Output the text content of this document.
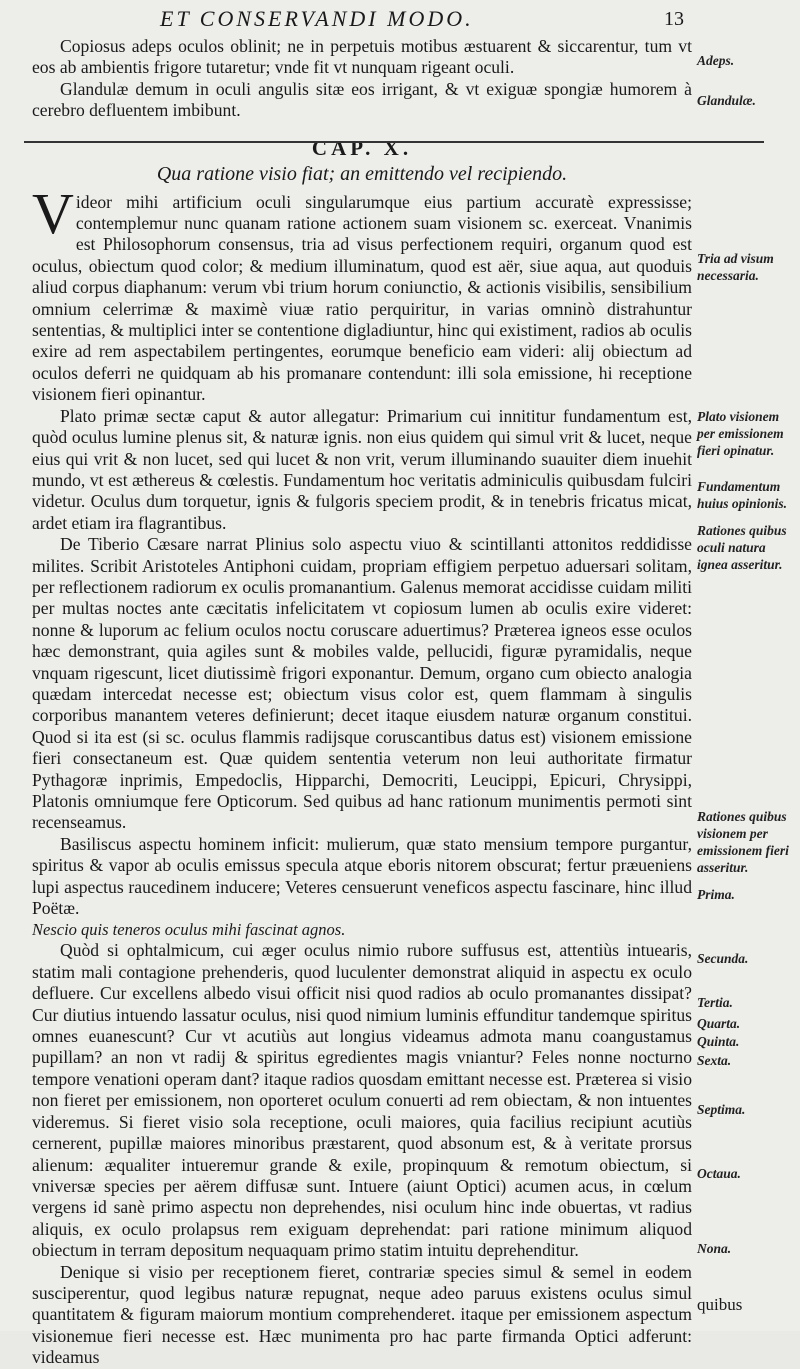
ET CONSERVANDI MODO.	13

Copiosus adeps oculos oblinit; ne in perpetuis motibus æstuarent & siccarentur, tum vt eos ab ambientis frigore tutaretur; vnde fit vt nunquam rigeant oculi.

Glandulæ demum in oculi angulis sitæ eos irrigant, & vt exiguæ spongiæ humorem à cerebro defluentem imbibunt.

CAP. X.

Qua ratione visio fiat; an emittendo vel recipiendo.

Videor mihi artificium oculi singularumque eius partium accuratè expressisse; contemplemur nunc quanam ratione actionem suam visionem sc. exerceat. Vnanimis est Philosophorum consensus, tria ad visus perfectionem requiri, organum quod est oculus, obiectum quod color; & medium illuminatum, quod est aër, siue aqua, aut quoduis aliud corpus diaphanum: verum vbi trium horum coniunctio, & actionis visibilis, sensibilium omnium celerrimæ & maximè viuæ ratio perquiritur, in varias omninò distrahuntur sententias, & multiplici inter se contentione digladiuntur, hinc qui existiment, radios ab oculis exire ad rem aspectabilem pertingentes, eorumque beneficio eam videri: alij obiectum ad oculos deferri ne quidquam ab his promanare contendunt: illi sola emissione, hi receptione visionem fieri opinantur.

Plato primæ sectæ caput & autor allegatur: Primarium cui innititur fundamentum est, quòd oculus lumine plenus sit, & naturæ ignis. non eius quidem qui simul vrit & lucet, neque eius qui vrit & non lucet, sed qui lucet & non vrit, verum illuminando suauiter diem inuehit mundo, vt est æthereus & cœlestis. Fundamentum hoc veritatis adminiculis quibusdam fulciri videtur. Oculus dum torquetur, ignis & fulgoris speciem prodit, & in tenebris fricatus micat, ardet etiam ira flagrantibus.

De Tiberio Cæsare narrat Plinius solo aspectu viuo & scintillanti attonitos reddidisse milites. Scribit Aristoteles Antiphoni cuidam, propriam effigiem perpetuo aduersari solitam, per reflectionem radiorum ex oculis promanantium. Galenus memorat accidisse cuidam militi per multas noctes ante cæcitatis infelicitatem vt copiosum lumen ab oculis exire videret: nonne & luporum ac felium oculos noctu coruscare aduertimus? Præterea igneos esse oculos hæc demonstrant, quia agiles sunt & mobiles valde, pellucidi, figuræ pyramidalis, neque vnquam rigescunt, licet diutissimè frigori exponantur. Demum, organo cum obiecto analogia quædam intercedat necesse est; obiectum visus color est, quem flammam à singulis corporibus manantem veteres definierunt; decet itaque eiusdem naturæ organum constitui. Quod si ita est (si sc. oculus flammis radijsque coruscantibus datus est) visionem emissione fieri consectaneum est. Quæ quidem sententia veterum non leui authoritate firmatur Pythagoræ inprimis, Empedoclis, Hipparchi, Democriti, Leucippi, Epicuri, Chrysippi, Platonis omniumque fere Opticorum. Sed quibus ad hanc rationum munimentis permoti sint recenseamus.

Basiliscus aspectu hominem inficit: mulierum, quæ stato mensium tempore purgantur, spiritus & vapor ab oculis emissus specula atque eboris nitorem obscurat; fertur præueniens lupi aspectus raucedinem inducere; Veteres censuerunt veneficos aspectu fascinare, hinc illud Poëtæ.

Nescio quis teneros oculus mihi fascinat agnos.

Quòd si ophtalmicum, cui æger oculus nimio rubore suffusus est, attentiùs intuearis, statim mali contagione prehenderis, quod luculenter demonstrat aliquid in aspectu ex oculo defluere. Cur excellens albedo visui officit nisi quod radios ab oculo promanantes dissipat? Cur diutius intuendo lassatur oculus, nisi quod nimium luminis effunditur tandemque spiritus omnes euanescunt? Cur vt acutiùs aut longius videamus admota manu coangustamus pupillam? an non vt radij & spiritus egredientes magis vniantur? Feles nonne nocturno tempore venationi operam dant? itaque radios quosdam emittant necesse est. Præterea si visio non fieret per emissionem, non oporteret oculum conuerti ad rem obiectam, & non intuentes videremus. Si fieret visio sola receptione, oculi maiores, quia facilius recipiunt acutiùs cernerent, pupillæ maiores minoribus præstarent, quod absonum est, & à veritate prorsus alienum: æqualiter intueremur grande & exile, propinquum & remotum obiectum, si vniversæ species per aërem diffusæ sunt. Intuere (aiunt Optici) acumen acus, in cœlum vergens id sanè primo aspectu non deprehendes, nisi oculum hinc inde obuertas, vt radius aliquis, ex oculo prolapsus rem exiguam deprehendat: pari ratione minimum aliquod obiectum in terram depositum nequaquam primo statim intuitu deprehenditur.

Denique si visio per receptionem fieret, contrariæ species simul & semel in eodem susciperentur, quod legibus naturæ repugnat, neque adeo paruus existens oculus simul quantitatem & figuram maiorum montium comprehenderet. itaque per emissionem aspectum visionemue fieri necesse est. Hæc munimenta pro hac parte firmanda Optici adferunt: videamus

Adeps.
Glandulæ.
Tria ad visum necessaria.
Plato visionem per emissionem fieri opinatur.
Fundamentum huius opinionis.
Rationes quibus oculi natura ignea asseritur.
Rationes quibus visionem per emissionem fieri asseritur.
Prima.
Secunda.
Tertia.
Quarta.
Quinta.
Sexta.
Septima.
Octaua.
Nona.
quibus
